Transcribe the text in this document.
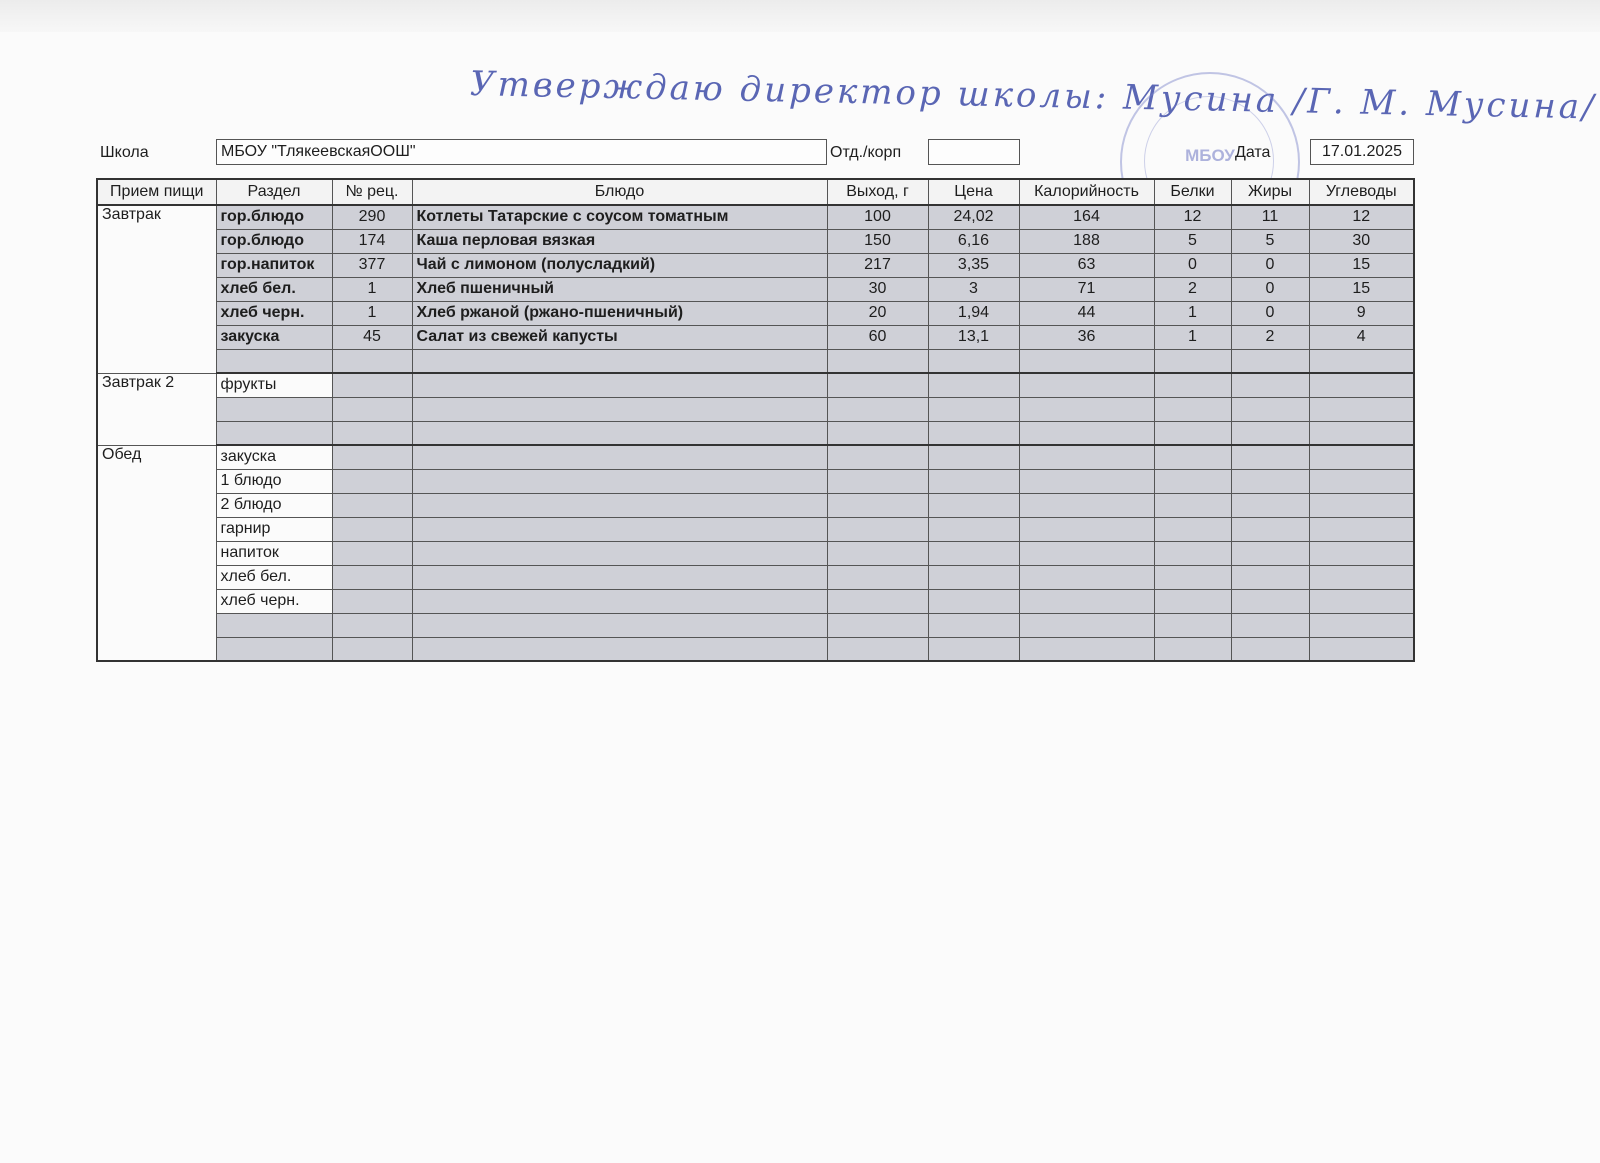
Утверждаю директор школы: Мусина /Г. М. Мусина/
МБОУ
Школа	МБОУ "ТлякеевскаяООШ"	Отд./корп	Дата	17.01.2025
Прием пищи	Раздел	№ рец.	Блюдо	Выход, г	Цена	Калорийность	Белки	Жиры	Углеводы
Завтрак	гор.блюдо	290	Котлеты Татарские с соусом томатным	100	24,02	164	12	11	12
	гор.блюдо	174	Каша перловая вязкая	150	6,16	188	5	5	30
	гор.напиток	377	Чай с лимоном (полусладкий)	217	3,35	63	0	0	15
	хлеб бел.	1	Хлеб пшеничный	30	3	71	2	0	15
	хлеб черн.	1	Хлеб ржаной (ржано-пшеничный)	20	1,94	44	1	0	9
	закуска	45	Салат из свежей капусты	60	13,1	36	1	2	4

Завтрак 2	фрукты								

Обед	закуска								
	1 блюдо								
	2 блюдо								
	гарнир								
	напиток								
	хлеб бел.								
	хлеб черн.								
